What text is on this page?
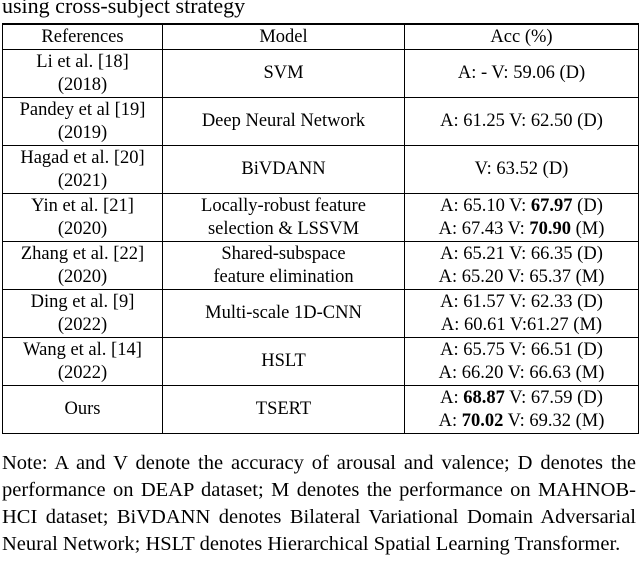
using cross-subject strategy
References	Model	Acc (%)

Li et al. [18]
(2018)	SVM	A: - V: 59.06 (D)

Pandey et al [19]
(2019)	Deep Neural Network	A: 61.25 V: 62.50 (D)

Hagad et al. [20]
(2021)	BiVDANN	V: 63.52 (D)

Yin et al. [21]
(2020)	Locally-robust feature
selection & LSSVM	A: 65.10 V: 67.97 (D)
A: 67.43 V: 70.90 (M)

Zhang et al. [22]
(2020)	Shared-subspace
feature elimination	A: 65.21 V: 66.35 (D)
A: 65.20 V: 65.37 (M)

Ding et al. [9]
(2022)	Multi-scale 1D-CNN	A: 61.57 V: 62.33 (D)
A: 60.61 V:61.27 (M)

Wang et al. [14]
(2022)	HSLT	A: 65.75 V: 66.51 (D)
A: 66.20 V: 66.63 (M)

Ours	TSERT	A: 68.87 V: 67.59 (D)
A: 70.02 V: 69.32 (M)
Note: A and V denote the accuracy of arousal and valence; D denotes the performance on DEAP dataset; M denotes the performance on MAHNOB-HCI dataset; BiVDANN denotes Bilateral Variational Domain Adversarial Neural Network; HSLT denotes Hierarchical Spatial Learning Transformer.
